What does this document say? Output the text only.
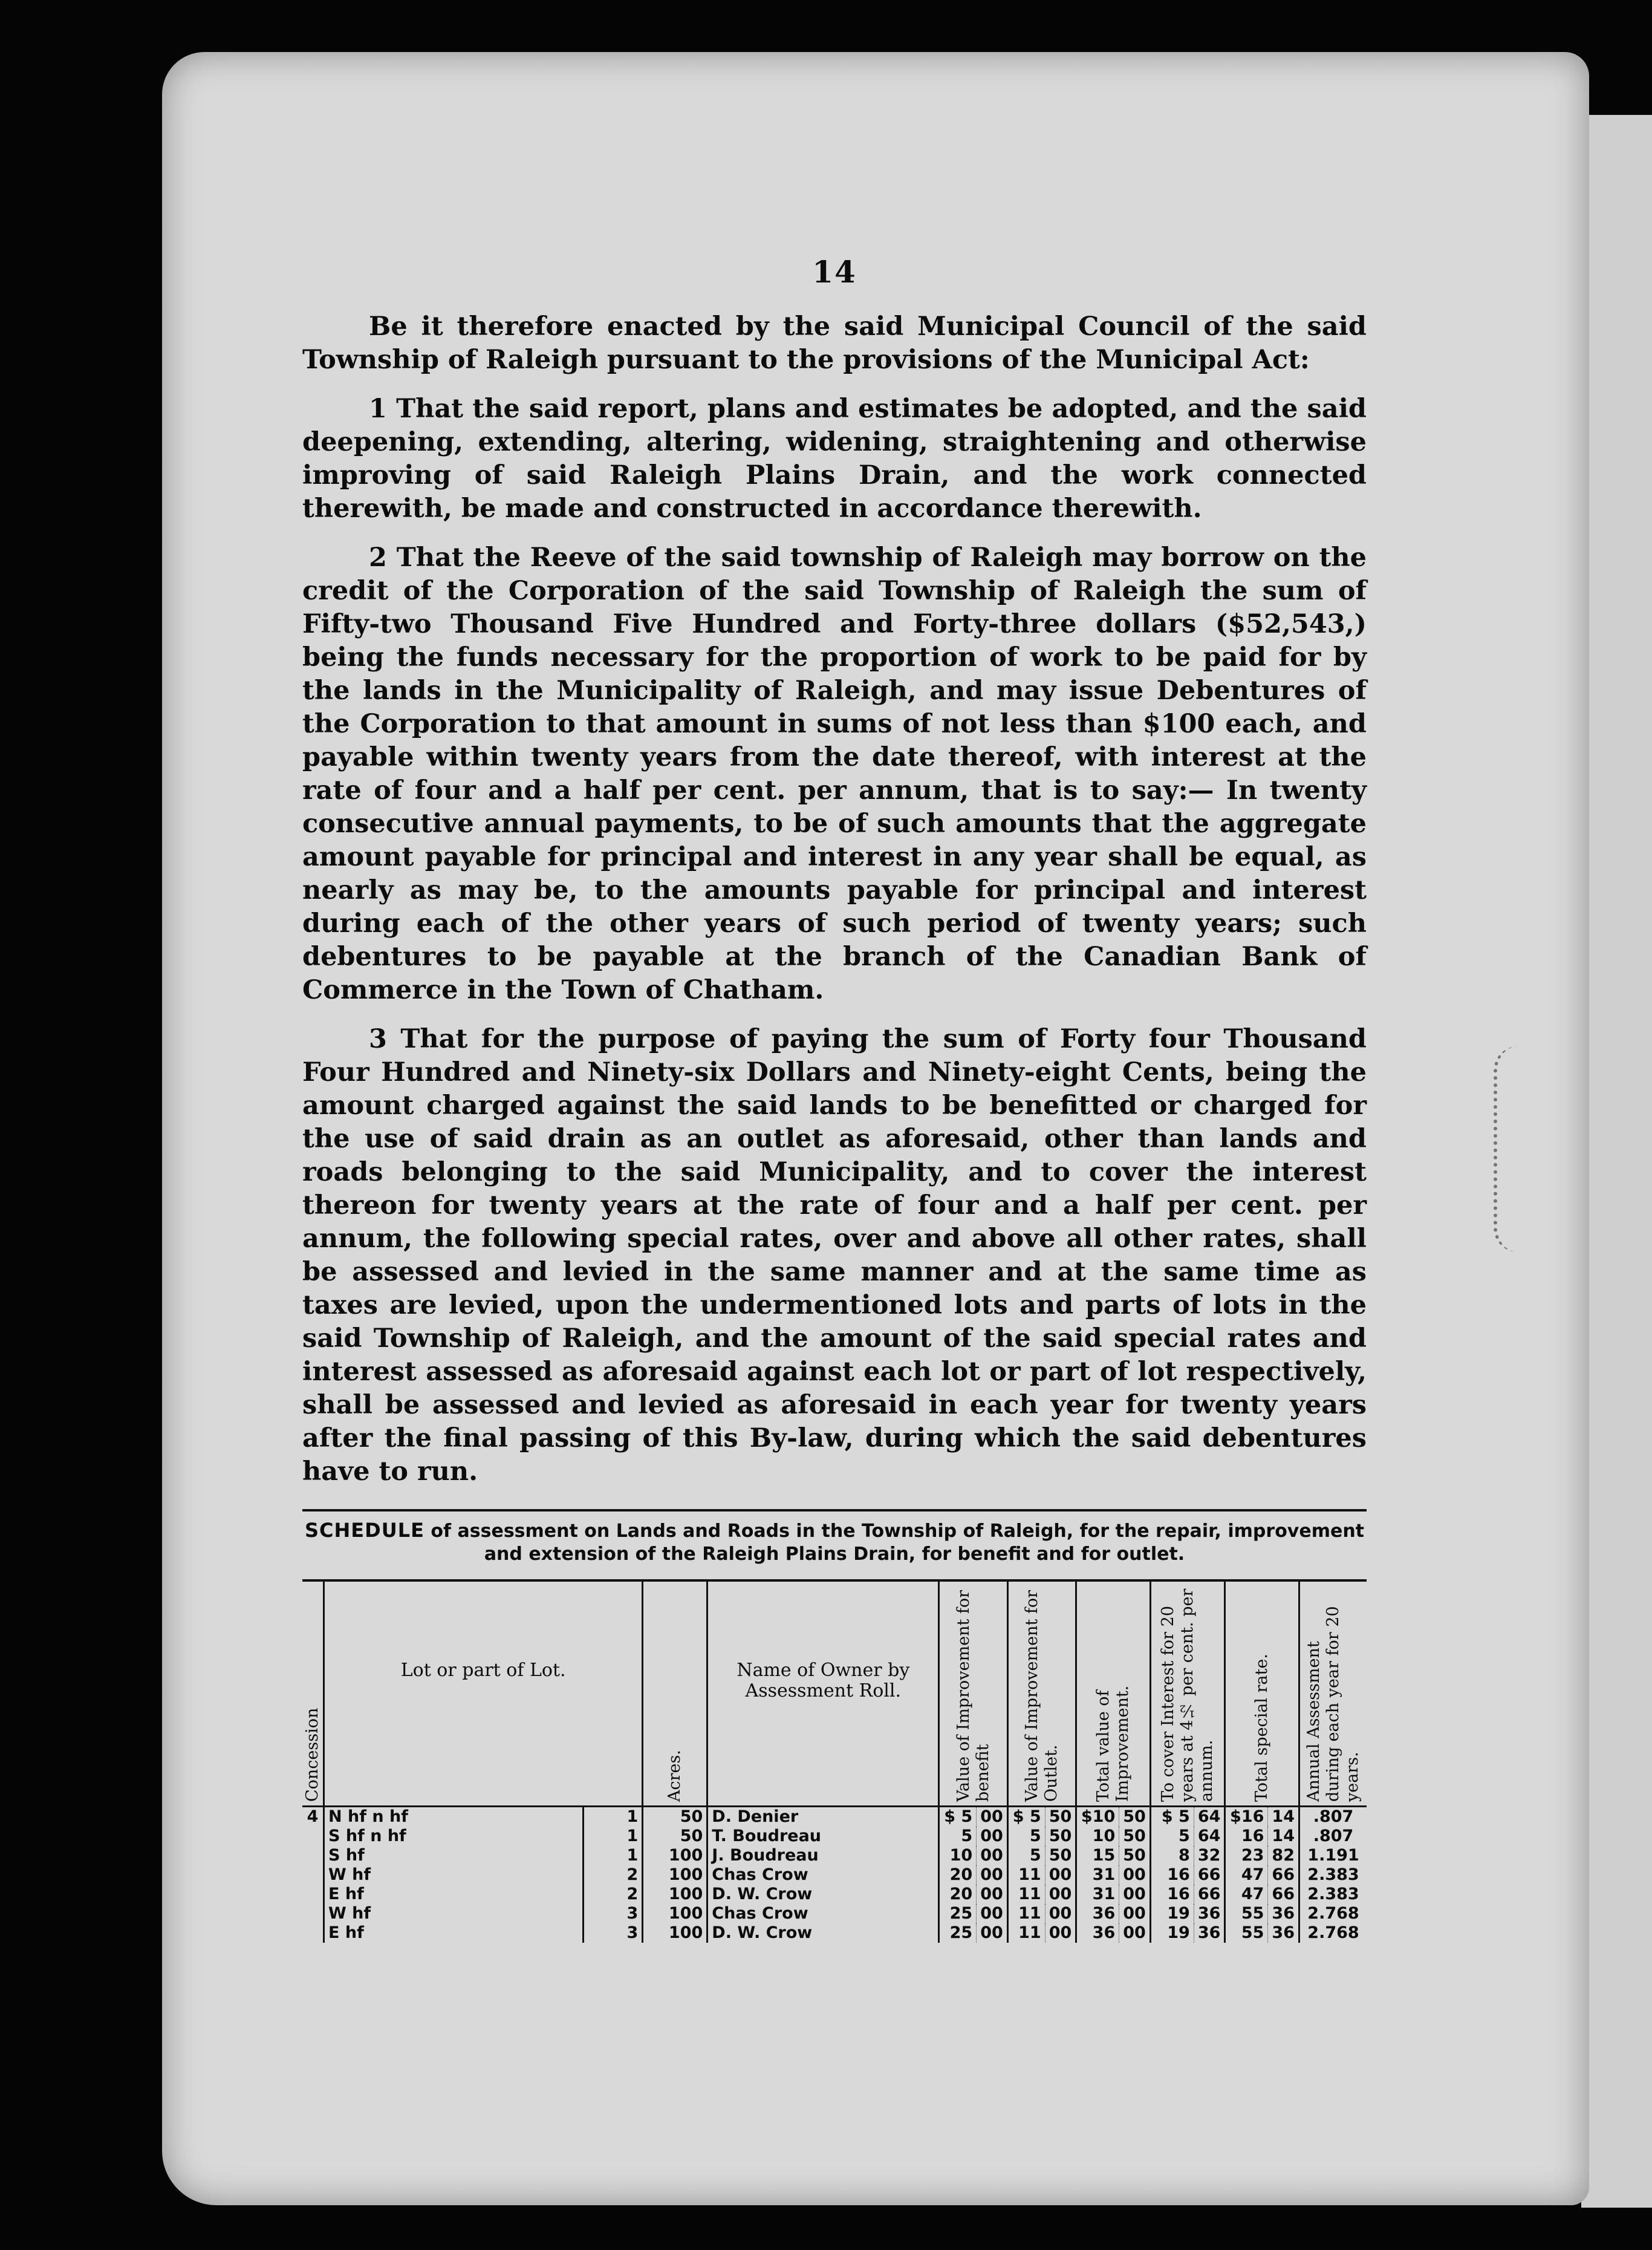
14

Be it therefore enacted by the said Municipal Council of the said Township of Raleigh pursuant to the provisions of the Municipal Act:

1 That the said report, plans and estimates be adopted, and the said deepening, extending, altering, widening, straightening and otherwise improving of said Raleigh Plains Drain, and the work connected therewith, be made and constructed in accordance therewith.

2 That the Reeve of the said township of Raleigh may borrow on the credit of the Corporation of the said Township of Raleigh the sum of Fifty-two Thousand Five Hundred and Forty-three dollars ($52,543,) being the funds necessary for the proportion of work to be paid for by the lands in the Municipality of Raleigh, and may issue Debentures of the Corporation to that amount in sums of not less than $100 each, and payable within twenty years from the date thereof, with interest at the rate of four and a half per cent. per annum, that is to say:— In twenty consecutive annual payments, to be of such amounts that the aggregate amount payable for principal and interest in any year shall be equal, as nearly as may be, to the amounts payable for principal and interest during each of the other years of such period of twenty years; such debentures to be payable at the branch of the Canadian Bank of Commerce in the Town of Chatham.

3 That for the purpose of paying the sum of Forty four Thousand Four Hundred and Ninety-six Dollars and Ninety-eight Cents, being the amount charged against the said lands to be benefitted or charged for the use of said drain as an outlet as aforesaid, other than lands and roads belonging to the said Municipality, and to cover the interest thereon for twenty years at the rate of four and a half per cent. per annum, the following special rates, over and above all other rates, shall be assessed and levied in the same manner and at the same time as taxes are levied, upon the undermentioned lots and parts of lots in the said Township of Raleigh, and the amount of the said special rates and interest assessed as aforesaid against each lot or part of lot respectively, shall be assessed and levied as aforesaid in each year for twenty years after the final passing of this By-law, during which the said debentures have to run.

SCHEDULE of assessment on Lands and Roads in the Township of Raleigh, for the repair, improvement and extension of the Raleigh Plains Drain, for benefit and for outlet.
Concession	Lot or part of Lot.		Acres.	Name of Owner by Assessment Roll.	Value of Improvement for benefit		Value of Improvement for Outlet.		Total value of Improvement.		To cover Interest for 20 years at 4½ per cent. per annum.		Total special rate.		Annual Assessment during each year for 20 years.

4	N hf n hf	1	50	D. Denier	$ 5	00	$ 5	50	$10	50	$ 5	64	$16	14	.807
	S hf n hf	1	50	T. Boudreau	5	00	5	50	10	50	5	64	16	14	.807
	S hf	1	100	J. Boudreau	10	00	5	50	15	50	8	32	23	82	1.191
	W hf	2	100	Chas Crow	20	00	11	00	31	00	16	66	47	66	2.383
	E hf	2	100	D. W. Crow	20	00	11	00	31	00	16	66	47	66	2.383
	W hf	3	100	Chas Crow	25	00	11	00	36	00	19	36	55	36	2.768
	E hf	3	100	D. W. Crow	25	00	11	00	36	00	19	36	55	36	2.768
